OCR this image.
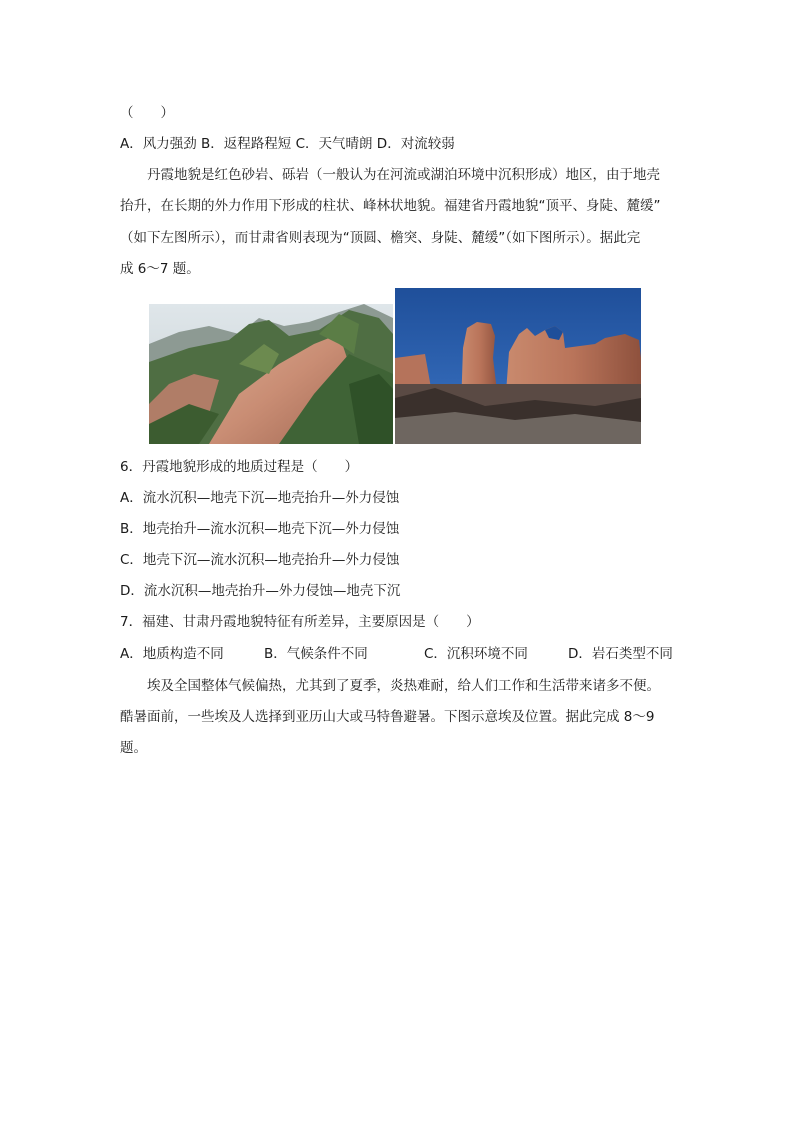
（　　）
A．风力强劲 B．返程路程短 C．天气晴朗 D．对流较弱
丹霞地貌是红色砂岩、砾岩（一般认为在河流或湖泊环境中沉积形成）地区，由于地壳
抬升，在长期的外力作用下形成的柱状、峰林状地貌。福建省丹霞地貌“顶平、身陡、麓缓”
（如下左图所示），而甘肃省则表现为“顶圆、檐突、身陡、麓缓”（如下图所示）。据此完
成 6～7 题。
6．丹霞地貌形成的地质过程是（　　）
A．流水沉积—地壳下沉—地壳抬升—外力侵蚀
B．地壳抬升—流水沉积—地壳下沉—外力侵蚀
C．地壳下沉—流水沉积—地壳抬升—外力侵蚀
D．流水沉积—地壳抬升—外力侵蚀—地壳下沉
7．福建、甘肃丹霞地貌特征有所差异，主要原因是（　　）
A．地质构造不同	B．气候条件不同	C．沉积环境不同	D．岩石类型不同
埃及全国整体气候偏热，尤其到了夏季，炎热难耐，给人们工作和生活带来诸多不便。
酷暑面前，一些埃及人选择到亚历山大或马特鲁避暑。下图示意埃及位置。据此完成 8～9
题。
